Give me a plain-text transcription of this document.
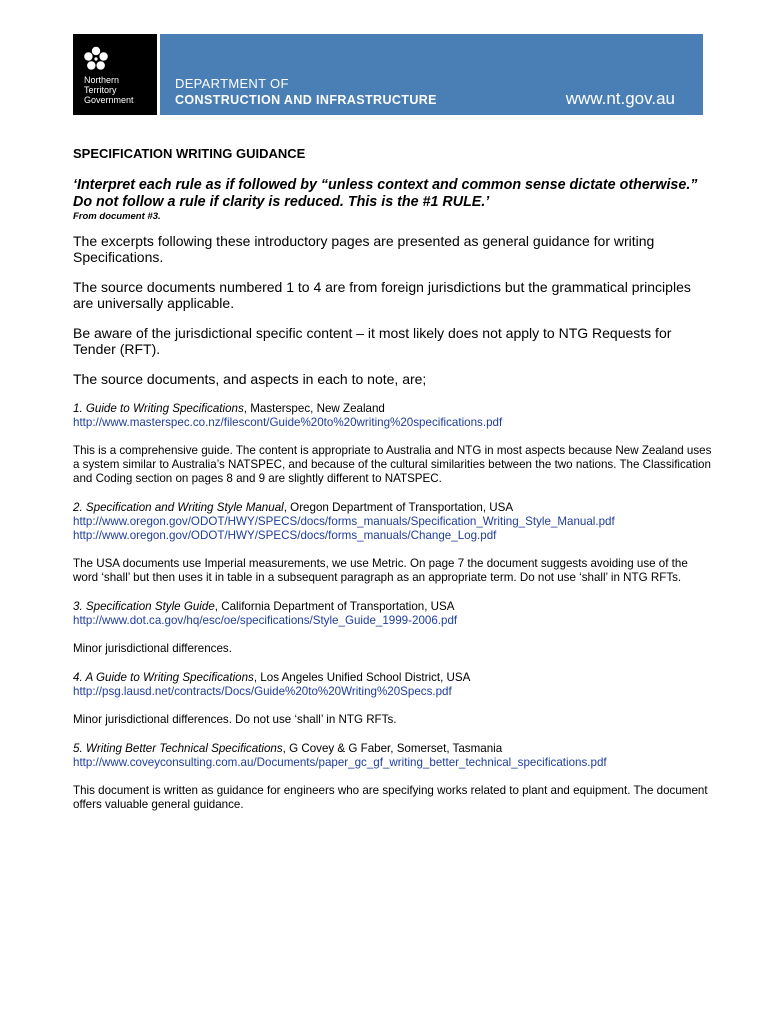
Northern
Territory
Government
DEPARTMENT OF
CONSTRUCTION AND INFRASTRUCTURE	www.nt.gov.au
SPECIFICATION WRITING GUIDANCE
‘Interpret each rule as if followed by “unless context and common sense dictate otherwise.” Do not follow a rule if clarity is reduced. This is the #1 RULE.’
From document #3.
The excerpts following these introductory pages are presented as general guidance for writing Specifications.
The source documents numbered 1 to 4 are from foreign jurisdictions but the grammatical principles are universally applicable.
Be aware of the jurisdictional specific content – it most likely does not apply to NTG Requests for Tender (RFT).
The source documents, and aspects in each to note, are;
1. Guide to Writing Specifications, Masterspec, New Zealand
http://www.masterspec.co.nz/filescont/Guide%20to%20writing%20specifications.pdf
This is a comprehensive guide. The content is appropriate to Australia and NTG in most aspects because New Zealand uses a system similar to Australia’s NATSPEC, and because of the cultural similarities between the two nations. The Classification and Coding section on pages 8 and 9 are slightly different to NATSPEC.
2. Specification and Writing Style Manual, Oregon Department of Transportation, USA
http://www.oregon.gov/ODOT/HWY/SPECS/docs/forms_manuals/Specification_Writing_Style_Manual.pdf
http://www.oregon.gov/ODOT/HWY/SPECS/docs/forms_manuals/Change_Log.pdf
The USA documents use Imperial measurements, we use Metric. On page 7 the document suggests avoiding use of the word ‘shall’ but then uses it in table in a subsequent paragraph as an appropriate term. Do not use ‘shall’ in NTG RFTs.
3. Specification Style Guide, California Department of Transportation, USA
http://www.dot.ca.gov/hq/esc/oe/specifications/Style_Guide_1999-2006.pdf
Minor jurisdictional differences.
4. A Guide to Writing Specifications, Los Angeles Unified School District, USA
http://psg.lausd.net/contracts/Docs/Guide%20to%20Writing%20Specs.pdf
Minor jurisdictional differences. Do not use ‘shall’ in NTG RFTs.
5. Writing Better Technical Specifications, G Covey & G Faber, Somerset, Tasmania
http://www.coveyconsulting.com.au/Documents/paper_gc_gf_writing_better_technical_specifications.pdf
This document is written as guidance for engineers who are specifying works related to plant and equipment. The document offers valuable general guidance.
